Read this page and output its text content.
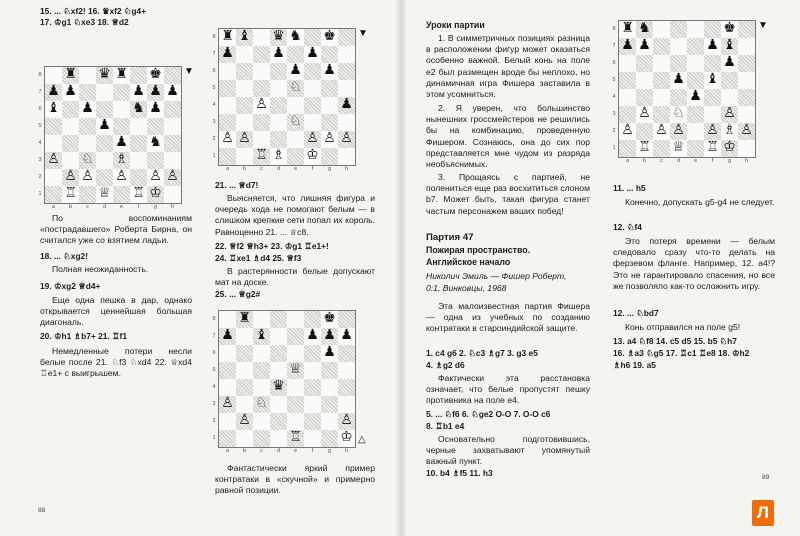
15. ... ♘xf2! 16. ♛xf2 ♘g4+
17. ♔g1 ♘xe3 18. ♕d2
♜ ♛ ♜ ♚
♟ ♟	♟ ♟ ♟
♝ ♟	♞ ♟
♟
♟ ♞
♙ ♘ ♗
♙ ♙ ♙ ♙ ♙
♖ ♕ ♖ ♔
8
7
6
5
4
3
2
1
a	b	c	d	e	f	g	h
▼
По воспоминаниям «пострадавшего» Роберта Бирна, он считался уже со взятием ладьи.
18. ... ♘xg2!
Полная неожиданность.
19. ♔xg2 ♕d4+
Еще одна пешка в дар, однако открывается ценнейшая большая диагональ.
20. ♔h1 ♗b7+ 21. ♖f1
Немедленные потери несли белые после 21. ♘f3 ♘xd4 22. ♕xd4 ♖e1+ с выигрышем.
♜ ♝ ♛ ♞ ♚
♟	♟ ♟
♟ ♟
♘
♙	♟
♘
♙ ♙	♙ ♙ ♙
♖ ♗ ♔
8
7
6
5
4
3
2
1
a	b	c	d	e	f	g	h
▼
21. ... ♕d7!
Выясняется, что лишняя фигура и очередь хода не помогают белым — в слишком крепкие сети попал их король. Равноценно 21. ... ♕c8.
22. ♕f2 ♕h3+ 23. ♔g1 ♖e1+!
24. ♖xe1 ♗d4 25. ♕f3
В растерянности белые допускают мат на доске.
25. ... ♕g2#
♜	♚
♟ ♝	♟ ♟ ♟
♟
♕
♛
♙ ♘
♙	♙
♖	♔
8
7
6
5
4
3
2
1
a	b	c	d	e	f	g	h
△
Фантастически яркий пример контратаки в «скучной» и примерно равной позиции.
88
Уроки партии
1. В симметричных позициях разница в расположении фигур может оказаться особенно важной. Белый конь на поле e2 был размещен вроде бы неплохо, но динамичная игра Фишера заставила в этом усомниться.
2. Я уверен, что большинство нынешних гроссмейстеров не решились бы на комбинацию, проведенную Фишером. Сознаюсь, она до сих пор представляется мне чудом из разряда необъяснимых.
3. Прощаясь с партией, не полениться еще раз восхититься слоном b7. Может быть, такая фигура станет частым персонажем ваших побед!
Партия 47
Пожирая пространство.
Английское начало
Николич Эмиль — Фишер Роберт,
0:1, Винковцы, 1968
Эта малоизвестная партия Фишера — одна из учебных по созданию контратаки в староиндийской защите.
1. c4 g6 2. ♘c3 ♗g7 3. g3 e5
4. ♗g2 d6
Фактически эта расстановка означает, что белые пропустят пешку противника на поле e4.
5. ... ♘f6 6. ♘ge2 O-O 7. O-O c6
8. ♖b1 e4
Основательно подготовившись, черные захватывают упомянутый важный пункт.
10. b4 ♗f5 11. h3
♜ ♞	♚
♟ ♟	♟ ♝
♟
♟ ♝
♟
♙ ♘	♙
♙ ♙ ♙ ♙ ♗ ♙
♖ ♕ ♖ ♔
8
7
6
5
4
3
2
1
a	b	c	d	e	f	g	h
▼
11. ... h5
Конечно, допускать g5-g4 не следует.
12. ♘f4
Это потеря времени — белым следовало сразу что-то делать на ферзевом фланге. Например, 12. a4!? Это не гарантировало спасения, но все же позволяло как-то осложнить игру.
12. ... ♘bd7
Конь отправился на поле g5!
13. a4 ♘f8 14. c5 d5 15. b5 ♘h7
16. ♗a3 ♘g5 17. ♖c1 ♖e8 18. ♔h2
♗h6 19. a5
89
Л
